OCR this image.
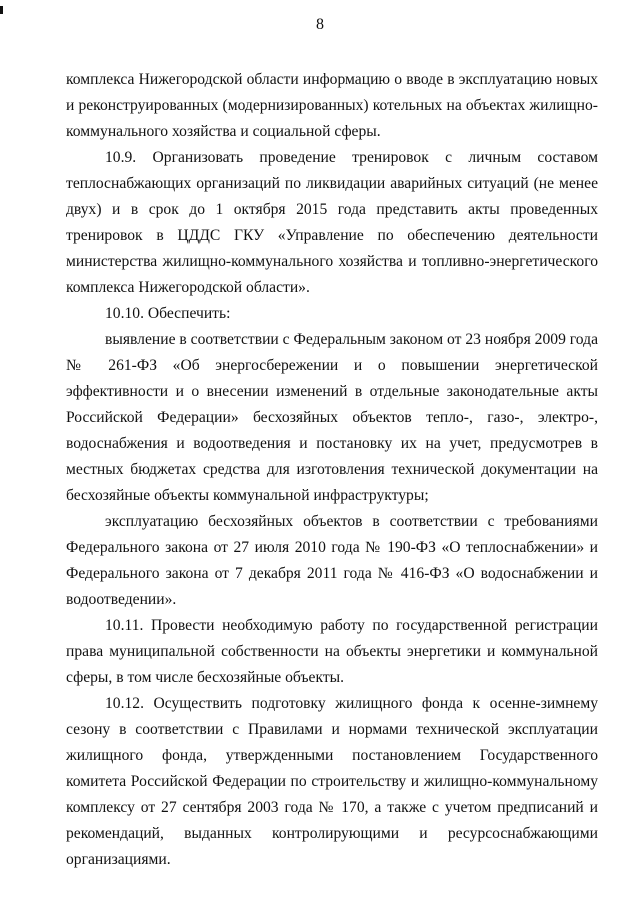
8

комплекса Нижегородской области информацию о вводе в эксплуатацию новых и реконструированных (модернизированных) котельных на объектах жилищно-коммунального хозяйства и социальной сферы.

10.9. Организовать проведение тренировок с личным составом теплоснабжающих организаций по ликвидации аварийных ситуаций (не менее двух) и в срок до 1 октября 2015 года представить акты проведенных тренировок в ЦДДС ГКУ «Управление по обеспечению деятельности министерства жилищно-коммунального хозяйства и топливно-энергетического комплекса Нижегородской области».

10.10. Обеспечить:

выявление в соответствии с Федеральным законом от 23 ноября 2009 года № 261-ФЗ «Об энергосбережении и о повышении энергетической эффективности и о внесении изменений в отдельные законодательные акты Российской Федерации» бесхозяйных объектов тепло-, газо-, электро-, водоснабжения и водоотведения и постановку их на учет, предусмотрев в местных бюджетах средства для изготовления технической документации на бесхозяйные объекты коммунальной инфраструктуры;

эксплуатацию бесхозяйных объектов в соответствии с требованиями Федерального закона от 27 июля 2010 года № 190-ФЗ «О теплоснабжении» и Федерального закона от 7 декабря 2011 года № 416-ФЗ «О водоснабжении и водоотведении».

10.11. Провести необходимую работу по государственной регистрации права муниципальной собственности на объекты энергетики и коммунальной сферы, в том числе бесхозяйные объекты.

10.12. Осуществить подготовку жилищного фонда к осенне-зимнему сезону в соответствии с Правилами и нормами технической эксплуатации жилищного фонда, утвержденными постановлением Государственного комитета Российской Федерации по строительству и жилищно-коммунальному комплексу от 27 сентября 2003 года № 170, а также с учетом предписаний и рекомендаций, выданных контролирующими и ресурсоснабжающими организациями.
